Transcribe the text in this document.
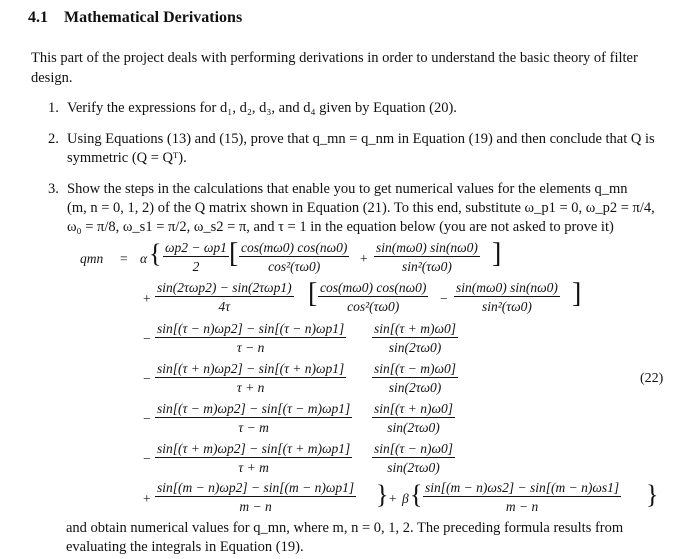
4.1 Mathematical Derivations
This part of the project deals with performing derivations in order to understand the basic theory of filter design.
1. Verify the expressions for d₁, d₂, d₃, and d₄ given by Equation (20).
2. Using Equations (13) and (15), prove that q_mn = q_nm in Equation (19) and then conclude that Q is
symmetric (Q = Qᵀ).
3. Show the steps in the calculations that enable you to get numerical values for the elements q_mn
(m, n = 0, 1, 2) of the Q matrix shown in Equation (21). To this end, substitute ω_p1 = 0, ω_p2 = π/4,
ω₀ = π/8, ω_s1 = π/2, ω_s2 = π, and τ = 1 in the equation below (you are not asked to prove it)
qmn = α { ωp2 − ωp1
2	[ cos(mω0) cos(nω0)
cos²(τω0)
+
sin(mω0) sin(nω0)
sin²(τω0)	]
+
sin(2τωp2) − sin(2τωp1)
4τ	[ cos(mω0) cos(nω0)
cos²(τω0)
−
sin(mω0) sin(nω0)
sin²(τω0)	]
−
sin[(τ − n)ωp2] − sin[(τ − n)ωp1]
τ − n
sin[(τ + m)ω0]
sin(2τω0)
−
sin[(τ + n)ωp2] − sin[(τ + n)ωp1]
τ + n
sin[(τ − m)ω0]
sin(2τω0)
−
sin[(τ − m)ωp2] − sin[(τ − m)ωp1]
τ − m
sin[(τ + n)ω0]
sin(2τω0)
−
sin[(τ + m)ωp2] − sin[(τ + m)ωp1]
τ + m
sin[(τ − n)ω0]
sin(2τω0)
+
sin[(m − n)ωp2] − sin[(m − n)ωp1]
m − n	} + β { sin[(m − n)ωs2] − sin[(m − n)ωs1]
m − n	}
(22)
and obtain numerical values for q_mn, where m, n = 0, 1, 2. The preceding formula results from
evaluating the integrals in Equation (19).
